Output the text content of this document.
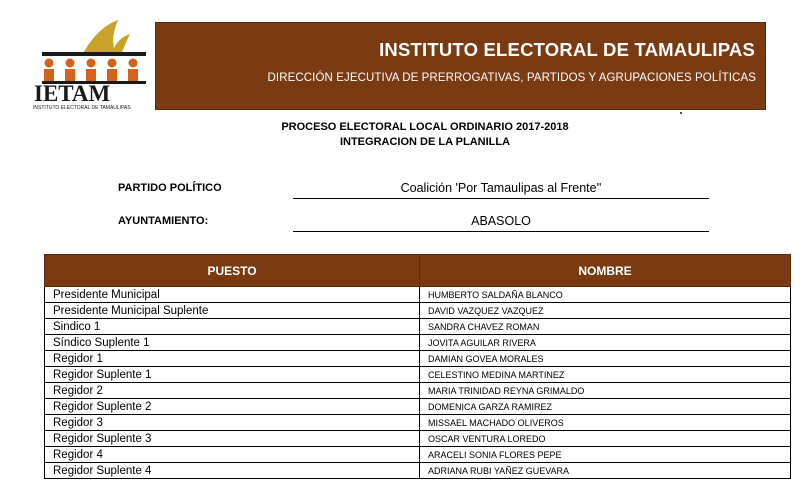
IETAM
INSTITUTO ELECTORAL DE TAMAULIPAS
INSTITUTO ELECTORAL DE TAMAULIPAS
DIRECCIÓN EJECUTIVA DE PRERROGATIVAS, PARTIDOS Y AGRUPACIONES POLÍTICAS
PROCESO ELECTORAL LOCAL ORDINARIO 2017-2018
INTEGRACION DE LA PLANILLA
PARTIDO POLÍTICO	Coalición 'Por Tamaulipas al Frente''
AYUNTAMIENTO:	ABASOLO
PUESTO	NOMBRE
Presidente Municipal	HUMBERTO SALDAÑA BLANCO
Presidente Municipal Suplente	DAVID VAZQUEZ VAZQUEZ
Sindico 1	SANDRA CHAVEZ ROMAN
Síndico Suplente 1	JOVITA AGUILAR RIVERA
Regidor 1	DAMIAN GOVEA MORALES
Regidor Suplente 1	CELESTINO MEDINA MARTINEZ
Regidor 2	MARIA TRINIDAD REYNA GRIMALDO
Regidor Suplente 2	DOMENICA GARZA RAMIREZ
Regidor 3	MISSAEL MACHADO OLIVEROS
Regidor Suplente 3	OSCAR VENTURA LOREDO
Regidor 4	ARACELI SONIA FLORES PEPE
Regidor Suplente 4	ADRIANA RUBI YAÑEZ GUEVARA
